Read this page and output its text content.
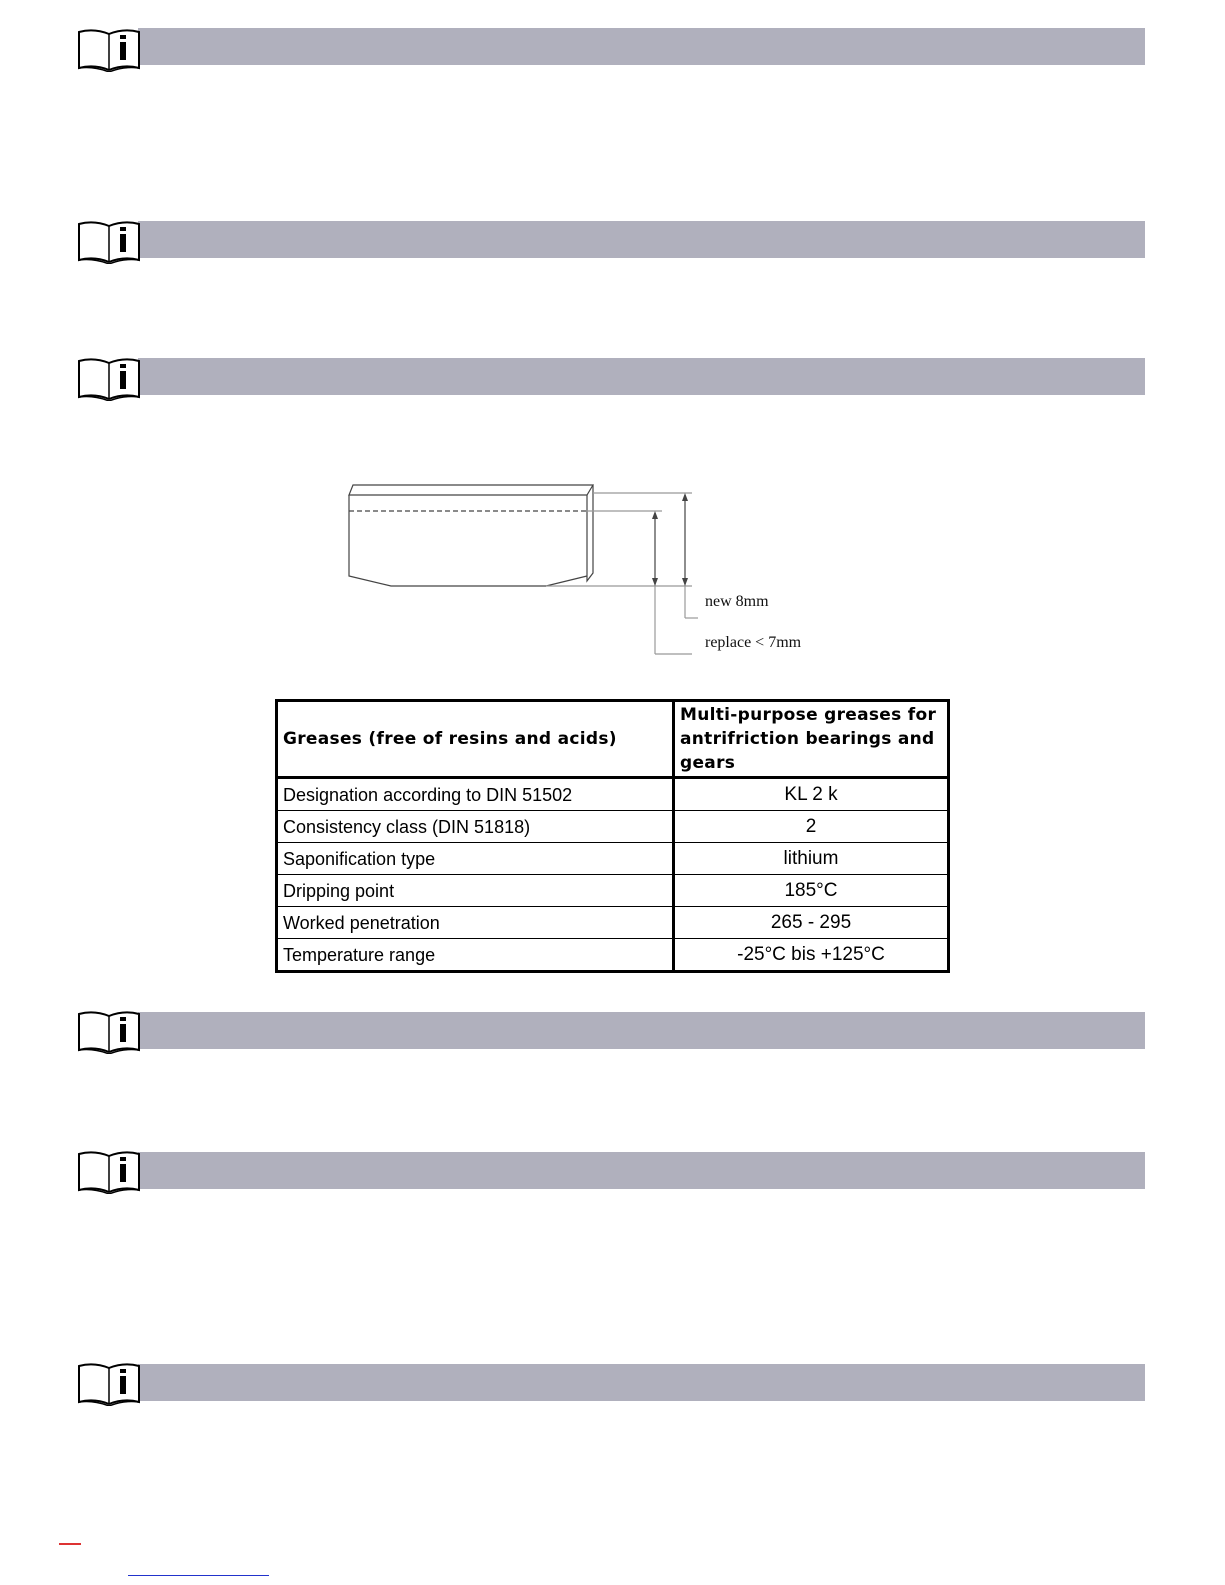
new 8mm
replace < 7mm
Greases (free of resins and acids)	Multi-purpose greases for
antrifriction bearings and
gears
Designation according to DIN 51502	KL 2 k
Consistency class (DIN 51818)	2
Saponification type	lithium
Dripping point	185°C
Worked penetration	265 - 295
Temperature range	-25°C bis +125°C
